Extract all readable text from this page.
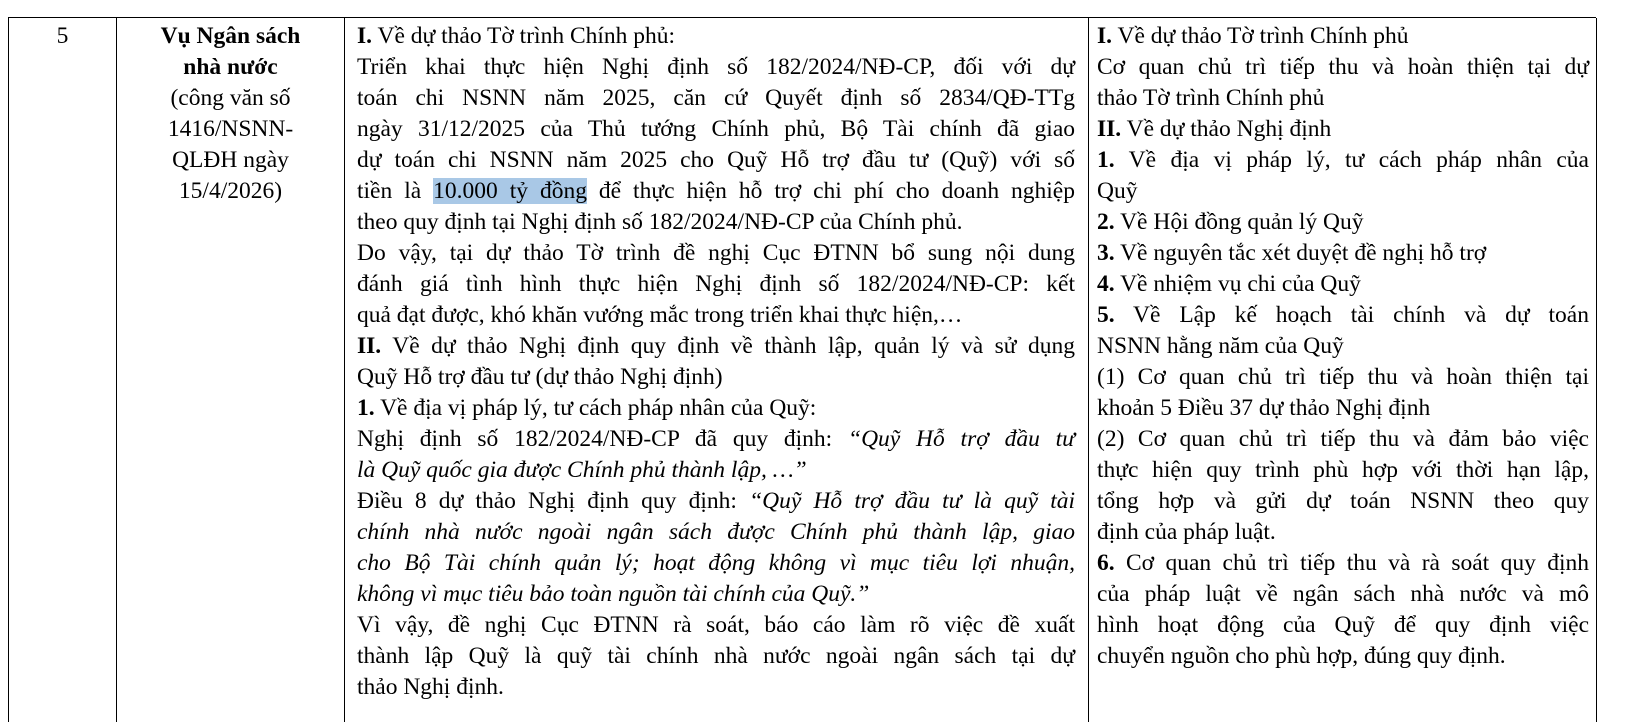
5	Vụ Ngân sách
nhà nước
(công văn số
1416/NSNN-
QLĐH ngày
15/4/2026)
I. Về dự thảo Tờ trình Chính phủ:
Triển khai thực hiện Nghị định số 182/2024/NĐ-CP, đối với dự
toán chi NSNN năm 2025, căn cứ Quyết định số 2834/QĐ-TTg
ngày 31/12/2025 của Thủ tướng Chính phủ, Bộ Tài chính đã giao
dự toán chi NSNN năm 2025 cho Quỹ Hỗ trợ đầu tư (Quỹ) với số
tiền là 10.000 tỷ đồng để thực hiện hỗ trợ chi phí cho doanh nghiệp
theo quy định tại Nghị định số 182/2024/NĐ-CP của Chính phủ.
Do vậy, tại dự thảo Tờ trình đề nghị Cục ĐTNN bổ sung nội dung
đánh giá tình hình thực hiện Nghị định số 182/2024/NĐ-CP: kết
quả đạt được, khó khăn vướng mắc trong triển khai thực hiện,…
II. Về dự thảo Nghị định quy định về thành lập, quản lý và sử dụng
Quỹ Hỗ trợ đầu tư (dự thảo Nghị định)
1. Về địa vị pháp lý, tư cách pháp nhân của Quỹ:
Nghị định số 182/2024/NĐ-CP đã quy định: “Quỹ Hỗ trợ đầu tư
là Quỹ quốc gia được Chính phủ thành lập, …”
Điều 8 dự thảo Nghị định quy định: “Quỹ Hỗ trợ đầu tư là quỹ tài
chính nhà nước ngoài ngân sách được Chính phủ thành lập, giao
cho Bộ Tài chính quản lý; hoạt động không vì mục tiêu lợi nhuận,
không vì mục tiêu bảo toàn nguồn tài chính của Quỹ.”
Vì vậy, đề nghị Cục ĐTNN rà soát, báo cáo làm rõ việc đề xuất
thành lập Quỹ là quỹ tài chính nhà nước ngoài ngân sách tại dự
thảo Nghị định.
I. Về dự thảo Tờ trình Chính phủ
Cơ quan chủ trì tiếp thu và hoàn thiện tại dự
thảo Tờ trình Chính phủ
II. Về dự thảo Nghị định
1. Về địa vị pháp lý, tư cách pháp nhân của
Quỹ
2. Về Hội đồng quản lý Quỹ
3. Về nguyên tắc xét duyệt đề nghị hỗ trợ
4. Về nhiệm vụ chi của Quỹ
5. Về Lập kế hoạch tài chính và dự toán
NSNN hằng năm của Quỹ
(1) Cơ quan chủ trì tiếp thu và hoàn thiện tại
khoản 5 Điều 37 dự thảo Nghị định
(2) Cơ quan chủ trì tiếp thu và đảm bảo việc
thực hiện quy trình phù hợp với thời hạn lập,
tổng hợp và gửi dự toán NSNN theo quy
định của pháp luật.
6. Cơ quan chủ trì tiếp thu và rà soát quy định
của pháp luật về ngân sách nhà nước và mô
hình hoạt động của Quỹ để quy định việc
chuyển nguồn cho phù hợp, đúng quy định.
